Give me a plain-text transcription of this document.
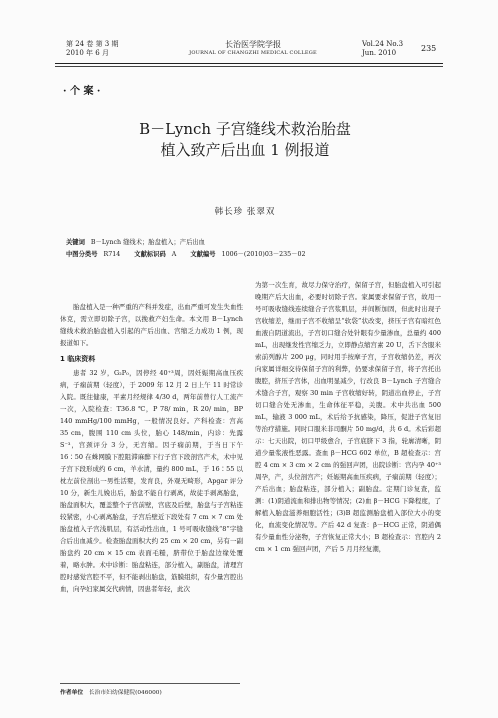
第 24 卷 第 3 期
2010 年 6 月
长治医学院学报
JOURNAL OF CHANGZHI MEDICAL COLLEGE
Vol.24 No.3
Jun. 2010	235
· 个 案 ·
B－Lynch 子宫缝线术救治胎盘
植入致产后出血 1 例报道
韩长珍 张翠双
关键词 B－Lynch 缝线术；胎盘植入；产后出血
中图分类号 R714 文献标识码 A 文献编号 1006－(2010)03－235－02

胎盘植入是一种严重的产科并发症，出血严重可发生失血性休克，需立即切除子宫，以挽救产妇生命。本文用 B－Lynch 缝线术救治胎盘植入引起的产后出血、宫缩乏力成功 1 例，现报道如下。

1 临床资料

患者 32 岁，G₂P₀，因停经 40⁺³周，因妊娠期高血压疾病，子痫前期（轻度），于 2009 年 12 月 2 日上午 11 时常诊入院。既往健康，平素月经规律 4/30 d，两年前曾行人工流产一次，入院检查：T36.8 ℃，P 78/ min，R 20/ min，BP 140 mmHg/100 mmHg，一般情况良好。产科检查：宫高 35 cm，腹围 110 cm 头位，胎心 148/min，内诊：先露 S⁻³，宫颈评分 3 分，无宫缩。因子痫前期，于当日下午 16∶50 在蛛网膜下腔阻滞麻醉下行子宫下段剖宫产术，术中见子宫下段形成约 6 cm，羊水清，量约 800 mL，于 16∶55 以枕左前位剖出一男性活婴，发育良，外观无畸形，Apgar 评分 10 分，新生儿娩出后，胎盘不能自行剥离，故徒手剥离胎盘，胎盘面积大，覆盖整个子宫前壁，宫底及后壁，胎盘与子宫粘连较紧密，小心剥离胎盘，子宫后壁近下段处有 7 cm × 7 cm 处胎盘植入子宫浅肌层，有活动性出血，1 号可吸收缝线“8”字缝合后出血减少。检查胎盘面积大约 25 cm × 20 cm，另有一副胎盘约 20 cm × 15 cm 表面毛糙，脐带位于胎盘边缘处覆着，略水肿。术中诊断：胎盘粘连，部分植入，副胎盘，清理宫腔时感觉宫腔不平，但不能剥出胎盘，筋膜组织，有少量宫腔出血，向孕妇家属交代病情，因患者年轻，此次

为第一次生育，故尽力保守治疗，保留子宫，但胎盘植入可引起晚期产后大出血，必要时切除子宫。家属要求保留子宫，故用一号可吸收缝线连续缝合子宫浆肌层，并间断加固，但此时出现子宫收缩差，继而子宫不收缩呈“软袋”状改变，挤压子宫有暗红色血液自阴道流出，子宫切口缝合处针眼有少量渗血，总量约 400 mL，出现继发性宫缩乏力，立即静点缩宫素 20 U，舌下含服米索前列醇片 200 μg，同时用手按摩子宫，子宫收缩仍差，再次向家属详细交待保留子宫的利弊，仍要求保留子宫，将子宫托出腹腔，挤压子宫体，出血明显减少，行改良 B－Lynch 子宫缝合术缝合子宫，观察 30 min 子宫收缩好转，阴道出血停止，子宫切口缝合处无渗血，生命体征平稳，关腹。术中共出血 500 mL，输液 3 000 mL，术后给予抗感染，降压，促进子宫复旧等治疗措施。同时口服米非司酮片 50 mg/d，共 6 d。术后彩超示：七天出院，切口甲级愈合，子宫底脐下 3 指，轮廓清晰，阴道少量浆液性恶露。查血 β－HCG 602 单位，B 超检查示：宫腔 4 cm × 3 cm × 2 cm 的强回声团，出院诊断：宫内孕 40⁺³周孕，产，头位剖宫产；妊娠期高血压疾病，子痫前期（轻度）；产后出血；胎盘粘连，部分植入；副胎盘。定期门诊复查，监测：(1)阴道流血和排出物等情况；(2)血 β－HCG 下降程度，了解植入胎盘滋养细胞活性；(3)B 超监测胎盘植入部位大小的变化，血流变化情况等。产后 42 d 复查：β－HCG 正常，阴道偶有少量血性分泌物，子宫恢复正常大小；B 超检查示：宫腔内 2 cm × 1 cm 强回声团，产后 5 月月经复潮，

作者单位 长治市妇幼保健院(046000)
